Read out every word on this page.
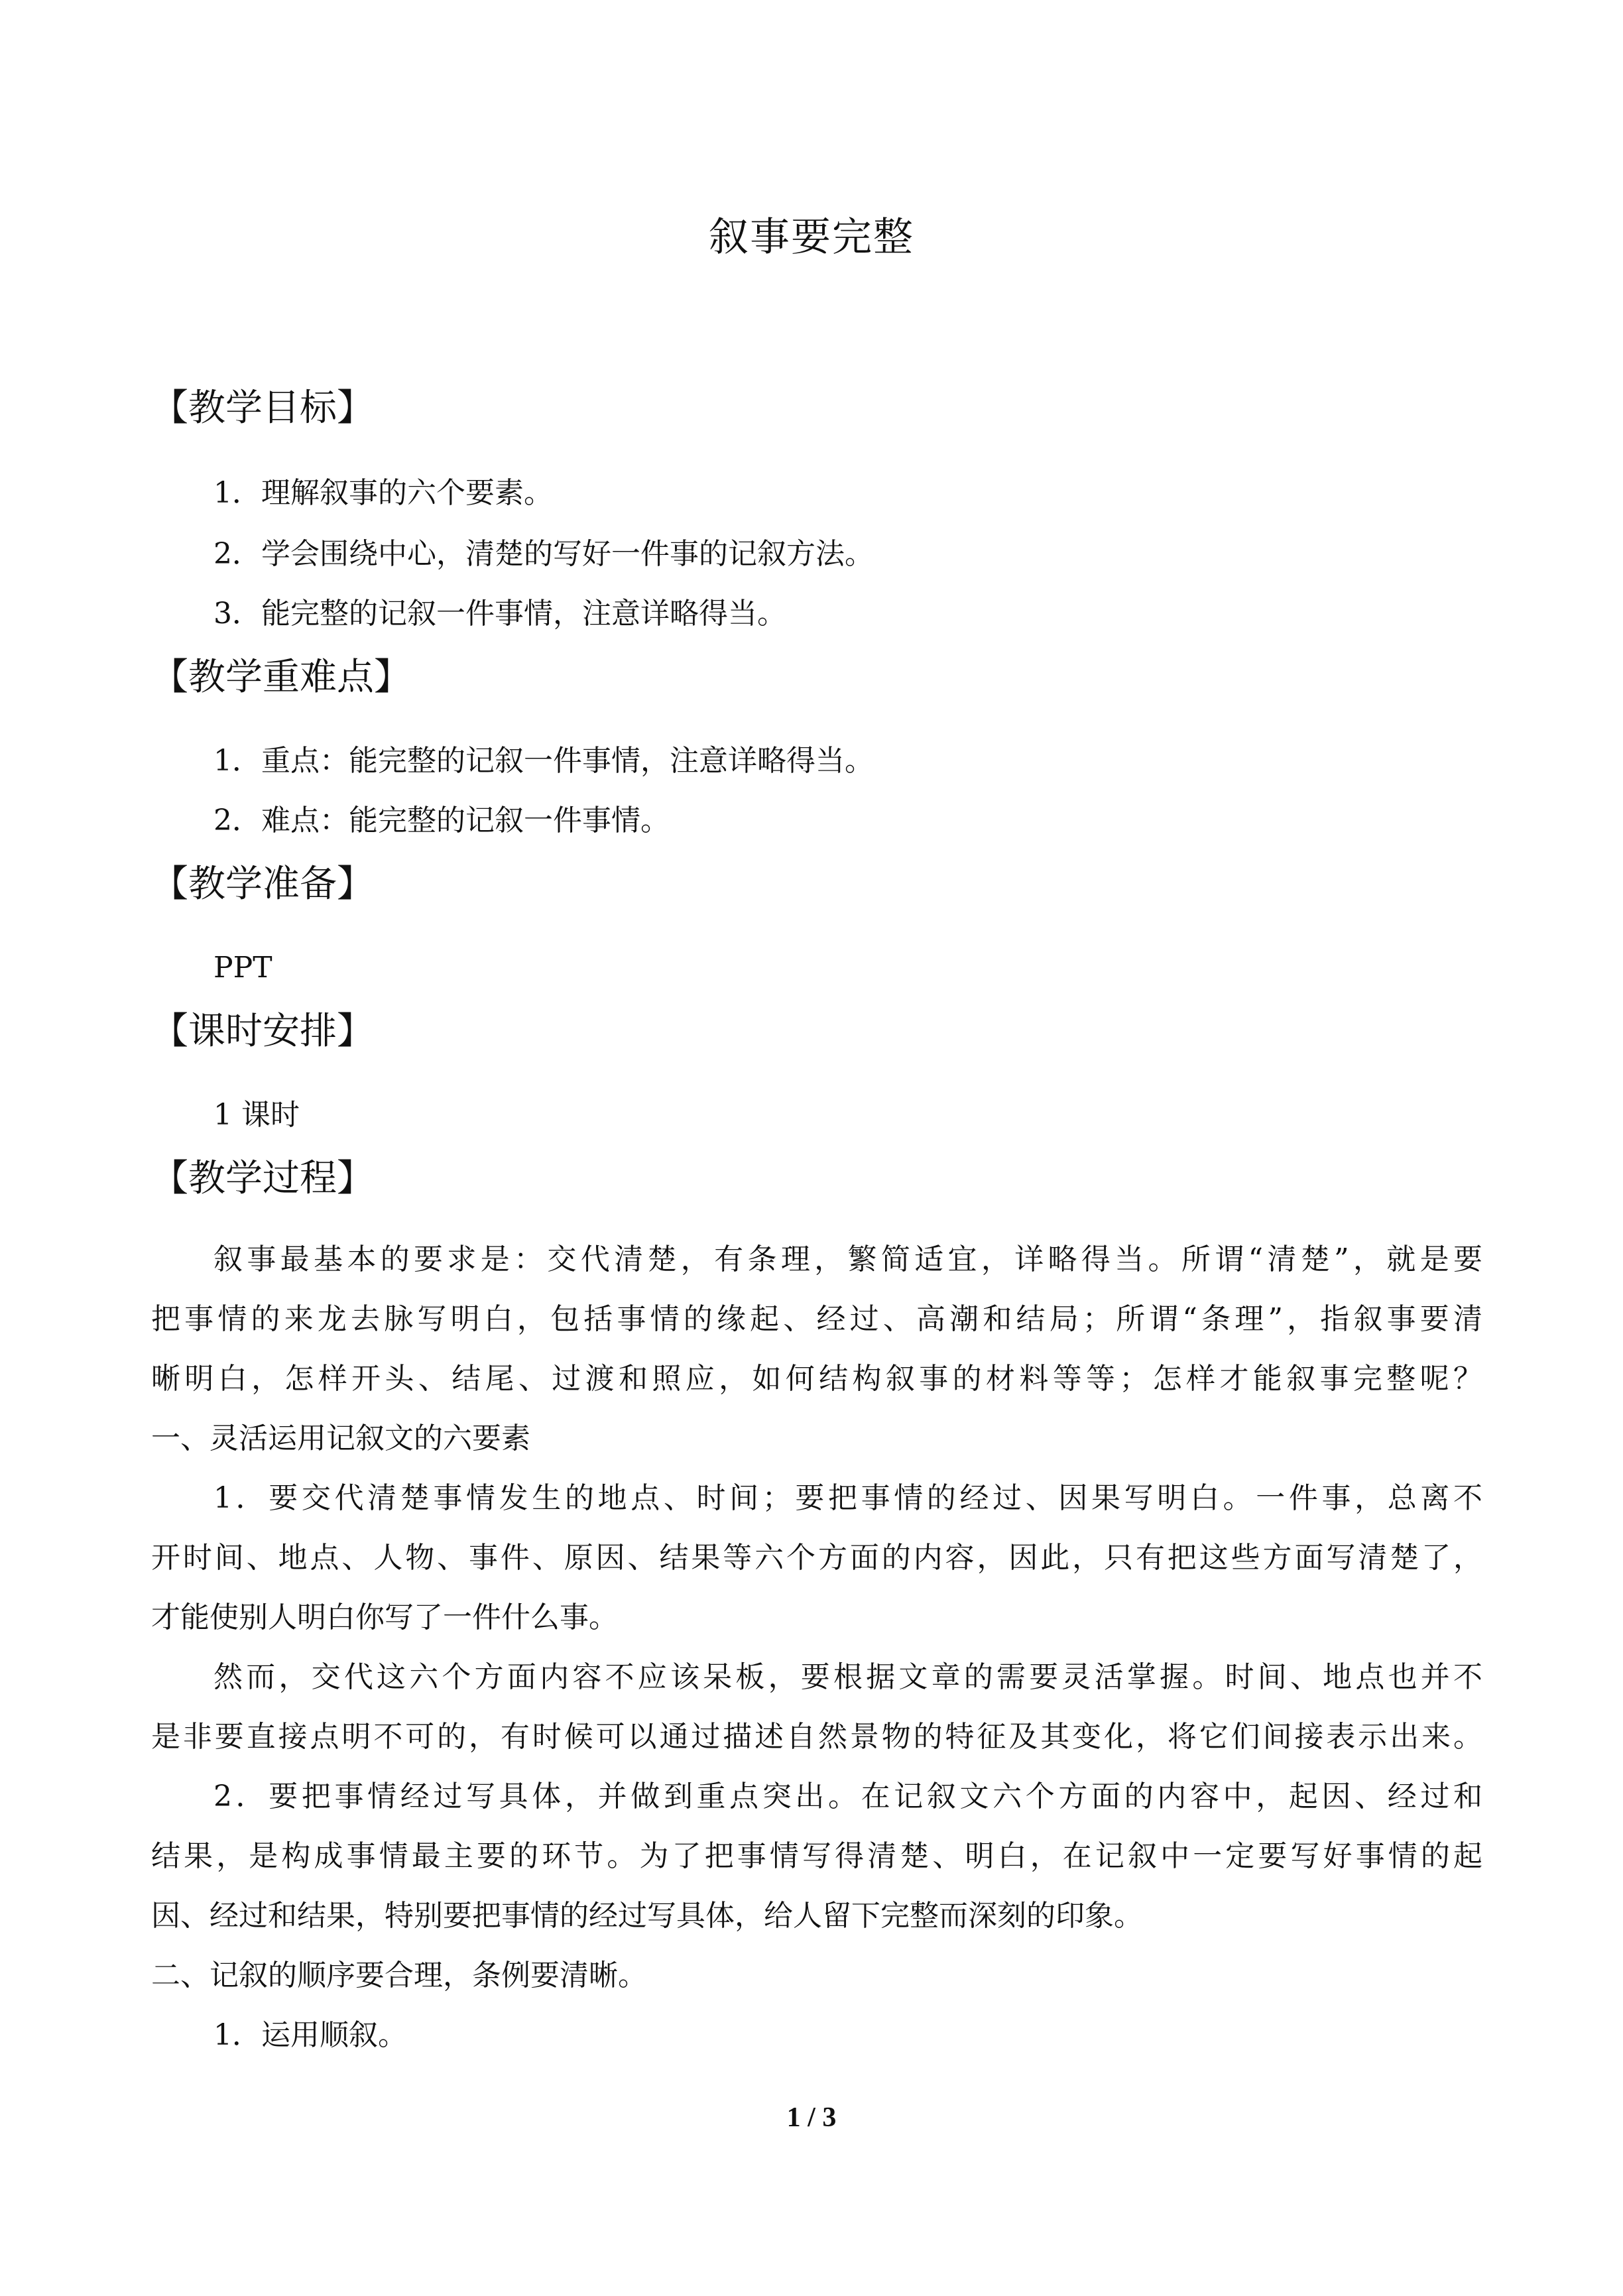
叙事要完整
【教学目标】
1．理解叙事的六个要素。
2．学会围绕中心，清楚的写好一件事的记叙方法。
3．能完整的记叙一件事情，注意详略得当。
【教学重难点】
1．重点：能完整的记叙一件事情，注意详略得当。
2．难点：能完整的记叙一件事情。
【教学准备】
PPT
【课时安排】
1 课时
【教学过程】
叙事最基本的要求是：交代清楚，有条理，繁简适宜，详略得当。所谓“清楚”，就是要
把事情的来龙去脉写明白，包括事情的缘起、经过、高潮和结局；所谓“条理”，指叙事要清
晰明白，怎样开头、结尾、过渡和照应，如何结构叙事的材料等等；怎样才能叙事完整呢？
一、灵活运用记叙文的六要素
1．要交代清楚事情发生的地点、时间；要把事情的经过、因果写明白。一件事，总离不
开时间、地点、人物、事件、原因、结果等六个方面的内容，因此，只有把这些方面写清楚了，
才能使别人明白你写了一件什么事。
然而，交代这六个方面内容不应该呆板，要根据文章的需要灵活掌握。时间、地点也并不
是非要直接点明不可的，有时候可以通过描述自然景物的特征及其变化，将它们间接表示出来。
2．要把事情经过写具体，并做到重点突出。在记叙文六个方面的内容中，起因、经过和
结果，是构成事情最主要的环节。为了把事情写得清楚、明白，在记叙中一定要写好事情的起
因、经过和结果，特别要把事情的经过写具体，给人留下完整而深刻的印象。
二、记叙的顺序要合理，条例要清晰。
1．运用顺叙。
1 / 3
